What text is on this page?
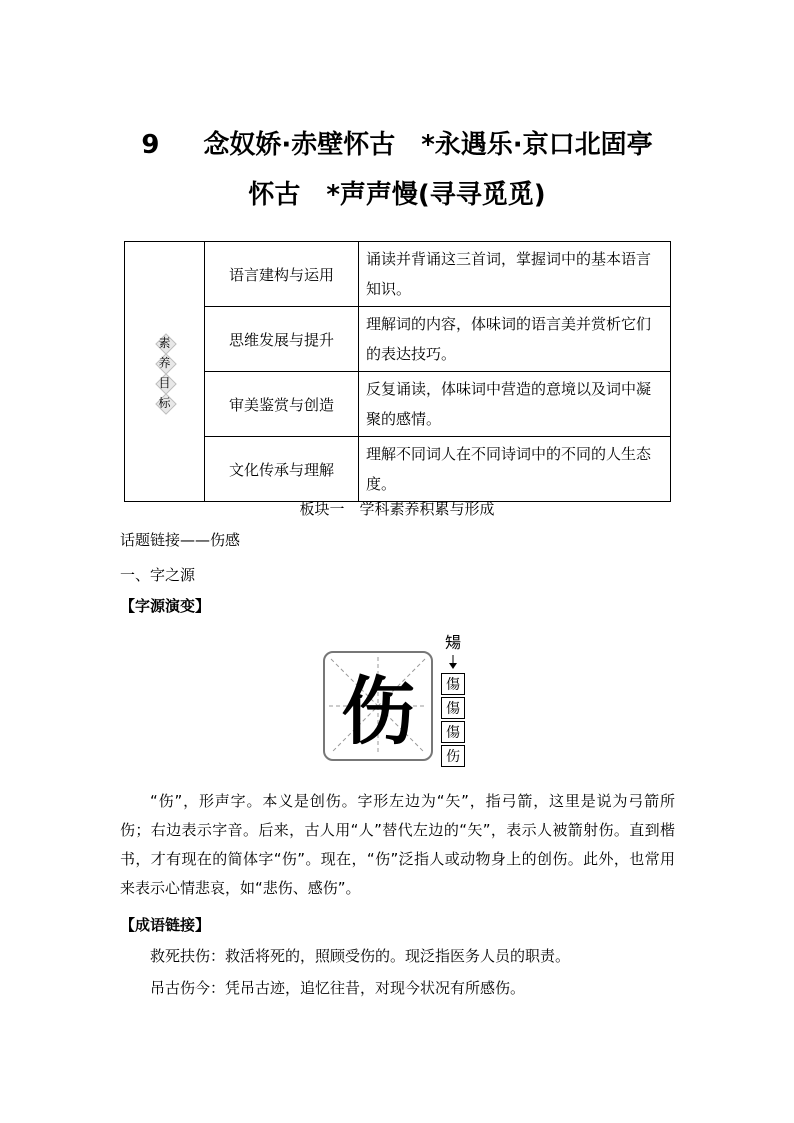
9 念奴娇·赤壁怀古　*永遇乐·京口北固亭
怀古　*声声慢(寻寻觅觅)
素
养
目
标	语言建构与运用	诵读并背诵这三首词，掌握词中的基本语言知识。
	思维发展与提升	理解词的内容，体味词的语言美并赏析它们的表达技巧。
	审美鉴赏与创造	反复诵读，体味词中营造的意境以及词中凝聚的感情。
	文化传承与理解	理解不同词人在不同诗词中的不同的人生态度。
板块一　学科素养积累与形成
话题链接——伤感
一、字之源
【字源演变】
伤
𥏫
傷
傷
傷
伤
“伤”，形声字。本义是创伤。字形左边为“矢”，指弓箭，这里是说为弓箭所伤；右边表示字音。后来，古人用“人”替代左边的“矢”，表示人被箭射伤。直到楷书，才有现在的简体字“伤”。现在，“伤”泛指人或动物身上的创伤。此外，也常用来表示心情悲哀，如“悲伤、感伤”。
【成语链接】
救死扶伤：救活将死的，照顾受伤的。现泛指医务人员的职责。
吊古伤今：凭吊古迹，追忆往昔，对现今状况有所感伤。
